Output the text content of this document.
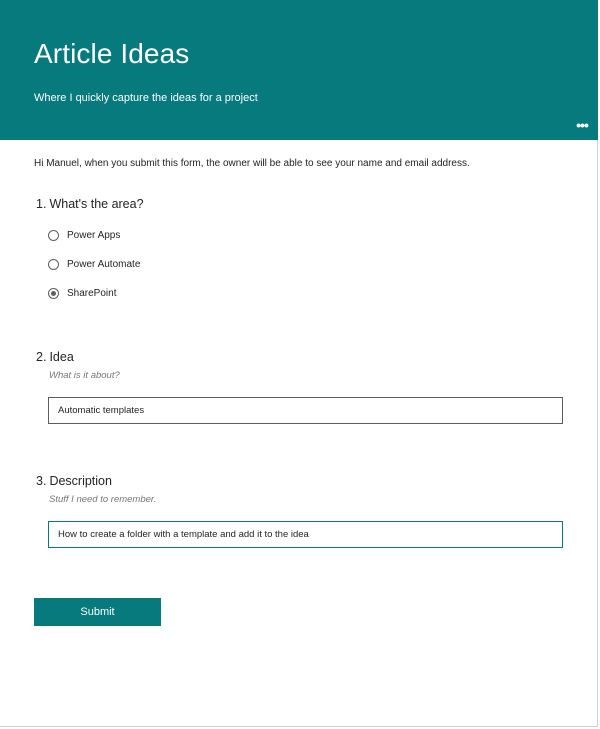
Article Ideas
Where I quickly capture the ideas for a project
•••
Hi Manuel, when you submit this form, the owner will be able to see your name and email address.
1. What's the area?
Power Apps
Power Automate
SharePoint
2. Idea
What is it about?
Automatic templates
3. Description
Stuff I need to remember.
How to create a folder with a template and add it to the idea
Submit
